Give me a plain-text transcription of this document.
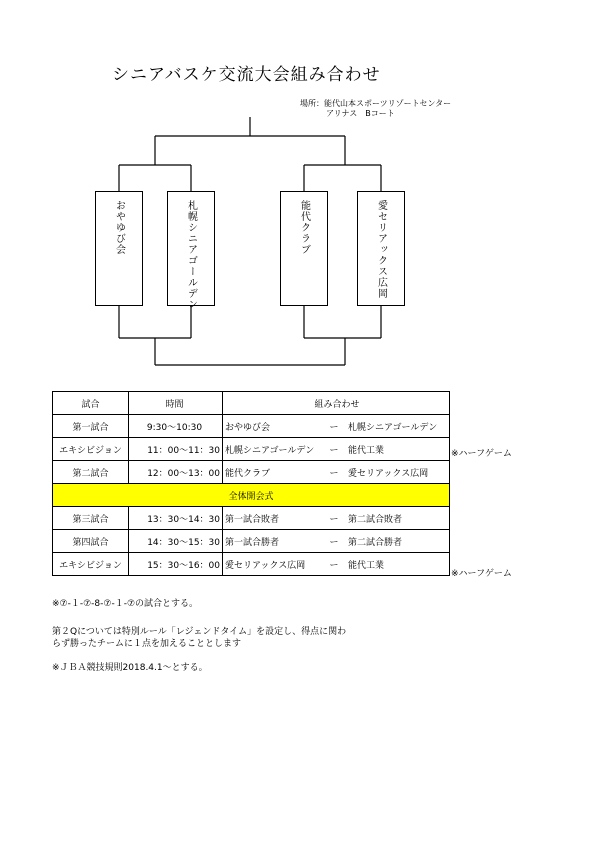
シニアバスケ交流大会組み合わせ
場所：能代山本スポーツリゾートセンター
アリナス　Bコート
おやゆび会	札幌シニアゴールデン	能代クラブ	愛セリアックス広岡
試合	時間	組み合わせ
第一試合	9:30〜10:30	おやゆび会 ー 札幌シニアゴールデン
エキシビジョン	11：00〜11：30	札幌シニアゴールデン ー 能代工業
第二試合	12：00〜13：00	能代クラブ ー 愛セリアックス広岡
全体開会式		
第三試合	13：30〜14：30	第一試合敗者 ー 第二試合敗者
第四試合	14：30〜15：30	第一試合勝者 ー 第二試合勝者
エキシビジョン	15：30〜16：00	愛セリアックス広岡 ー 能代工業
※ハーフゲーム
※ハーフゲーム
※⑦-１-⑦-8-⑦-１-⑦の試合とする。
第２Qについては特別ルール「レジェンドタイム」を設定し、得点に関わ
らず勝ったチームに１点を加えることとします
※ＪＢＡ競技規則2018.4.1〜とする。
